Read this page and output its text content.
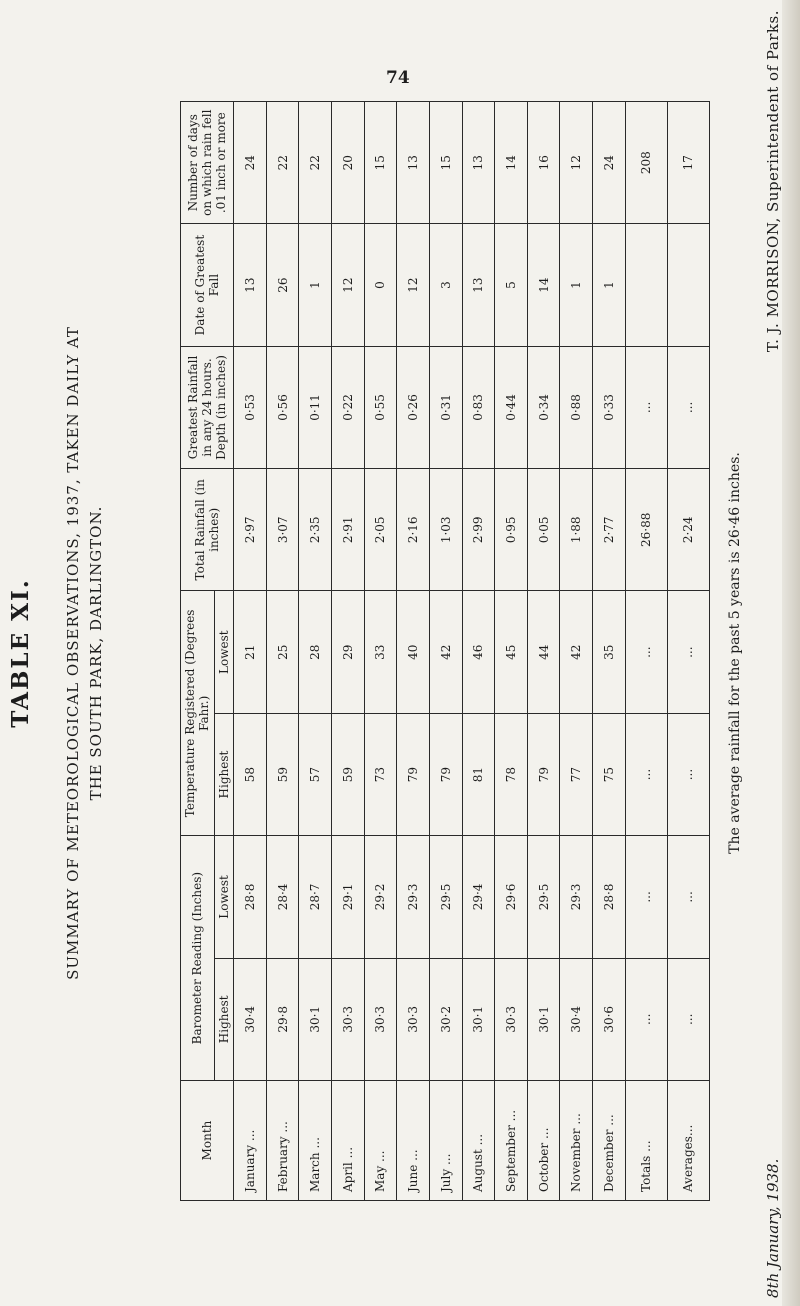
74
TABLE XI. SUMMARY OF METEOROLOGICAL OBSERVATIONS, 1937, TAKEN DAILY AT THE SOUTH PARK, DARLINGTON.
Month	Barometer Reading (Inches)		Temperature Registered (Degrees Fahr.)		Total Rainfall (in inches)	Greatest Rainfall in any 24 hours. Depth (in inches)	Date of Greatest Fall	Number of days on which rain fell .01 inch or more
	Highest	Lowest	Highest	Lowest				
January ...	30·4	28·8	58	21	2·97	0·53	13	24
February ...	29·8	28·4	59	25	3·07	0·56	26	22
March ...	30·1	28·7	57	28	2·35	0·11	1	22
April ...	30·3	29·1	59	29	2·91	0·22	12	20
May ...	30·3	29·2	73	33	2·05	0·55	0	15
June ...	30·3	29·3	79	40	2·16	0·26	12	13
July ...	30·2	29·5	79	42	1·03	0·31	3	15
August ...	30·1	29·4	81	46	2·99	0·83	13	13
September ...	30·3	29·6	78	45	0·95	0·44	5	14
October ...	30·1	29·5	79	44	0·05	0·34	14	16
November ...	30·4	29·3	77	42	1·88	0·88	1	12
December ...	30·6	28·8	75	35	2·77	0·33	1	24
Totals ...	...	...	...	...	26·88	...		208
Averages...	...	...	...	...	2·24	...		17
The average rainfall for the past 5 years is 26·46 inches.
8th January, 1938.
T. J. MORRISON, Superintendent of Parks.
